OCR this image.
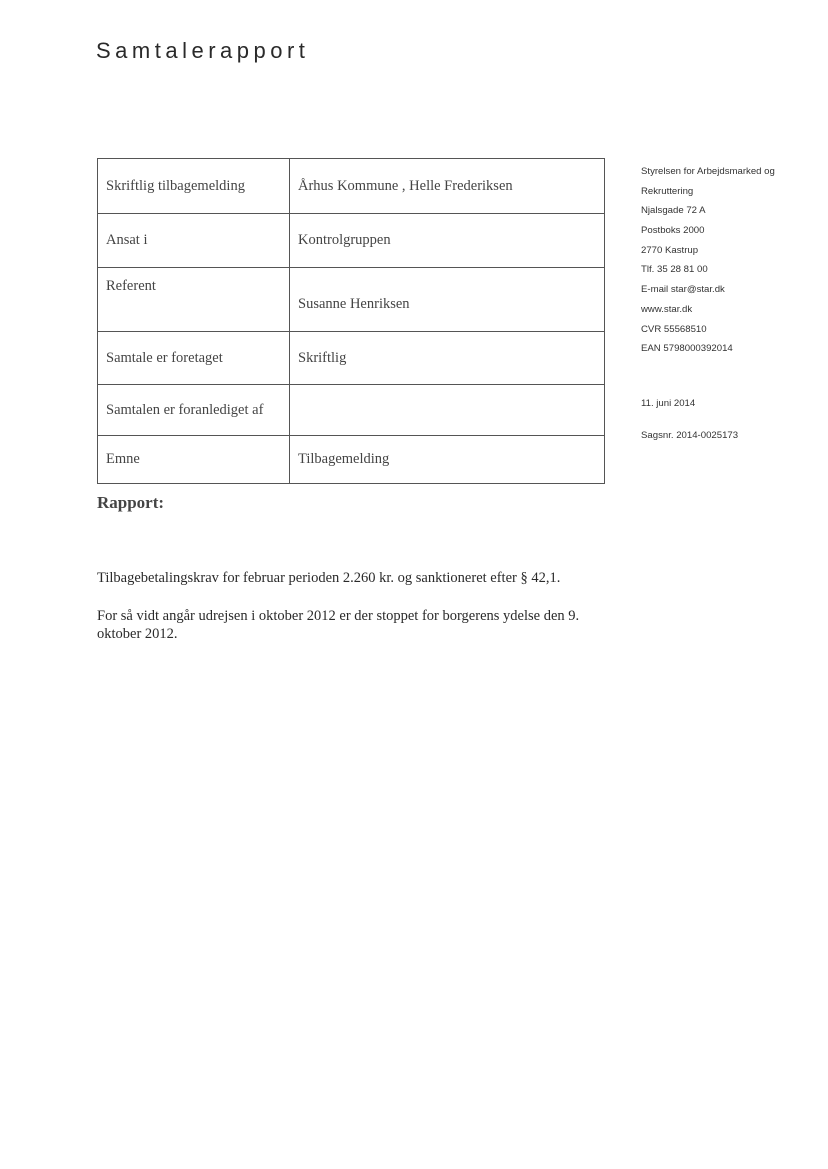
Samtalerapport
Skriftlig tilbagemelding	Århus Kommune , Helle Frederiksen
Ansat i	Kontrolgruppen
Referent	Susanne Henriksen
Samtale er foretaget	Skriftlig
Samtalen er foranlediget af	
Emne	Tilbagemelding
Styrelsen for Arbejdsmarked og
Rekruttering
Njalsgade 72 A
Postboks 2000
2770 Kastrup
Tlf. 35 28 81 00
E-mail star@star.dk
www.star.dk
CVR 55568510
EAN 5798000392014
11. juni 2014
Sagsnr. 2014-0025173
Rapport:
Tilbagebetalingskrav for februar perioden 2.260 kr. og sanktioneret efter § 42,1.
For så vidt angår udrejsen i oktober 2012 er der stoppet for borgerens ydelse den 9. oktober 2012.
